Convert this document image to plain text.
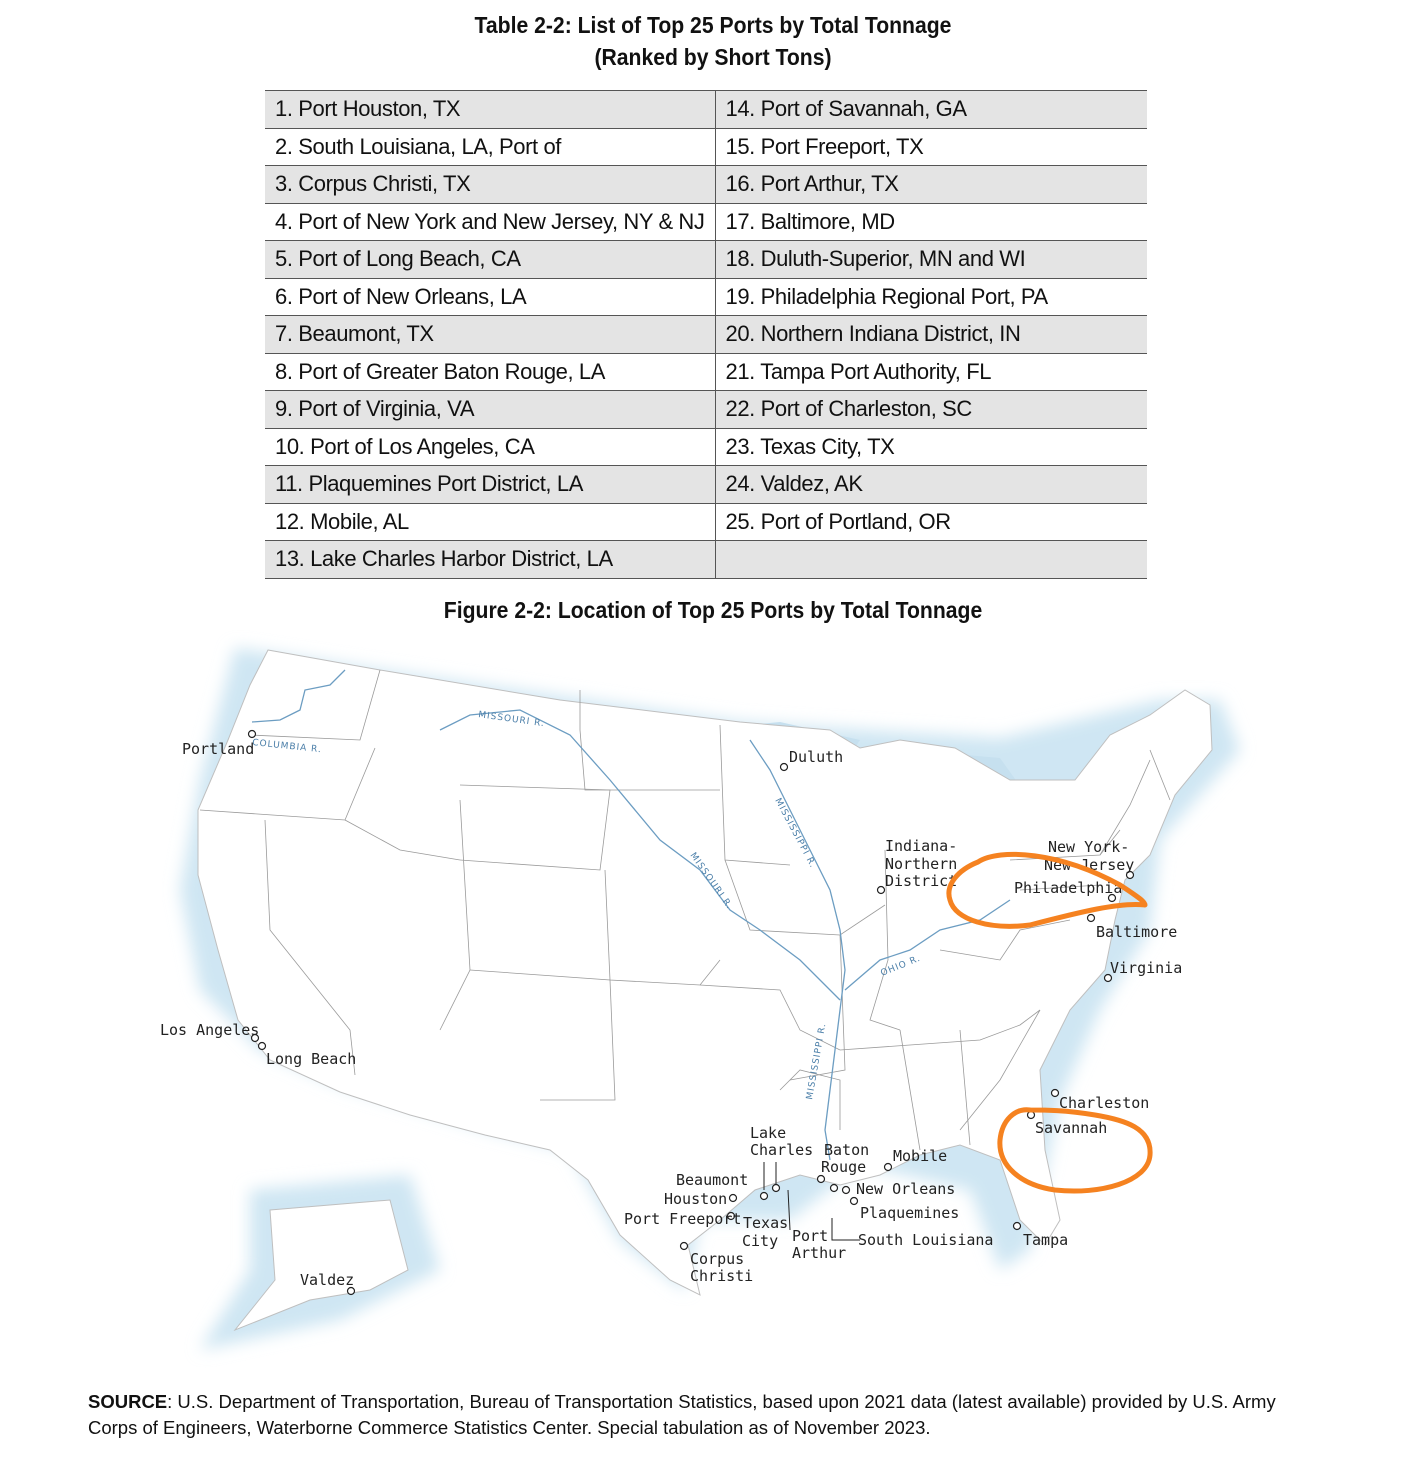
Table 2-2: List of Top 25 Ports by Total Tonnage
(Ranked by Short Tons)
1. Port Houston, TX	14. Port of Savannah, GA
2. South Louisiana, LA, Port of	15. Port Freeport, TX
3. Corpus Christi, TX	16. Port Arthur, TX
4. Port of New York and New Jersey, NY & NJ	17. Baltimore, MD
5. Port of Long Beach, CA	18. Duluth-Superior, MN and WI
6. Port of New Orleans, LA	19. Philadelphia Regional Port, PA
7. Beaumont, TX	20. Northern Indiana District, IN
8. Port of Greater Baton Rouge, LA	21. Tampa Port Authority, FL
9. Port of Virginia, VA	22. Port of Charleston, SC
10. Port of Los Angeles, CA	23. Texas City, TX
11. Plaquemines Port District, LA	24. Valdez, AK
12. Mobile, AL	25. Port of Portland, OR
13. Lake Charles Harbor District, LA	
Figure 2-2: Location of Top 25 Ports by Total Tonnage
MISSOURI R.
COLUMBIA R.
MISSISSIPPI R.
MISSOURI R.
OHIO R.
MISSISSIPPI R.
Portland	Duluth
Indiana-
Northern
District
New York-
New Jersey
Philadelphia
Baltimore
Virginia
Los Angeles
Long Beach
Charleston
Savannah
Lake
Charles Baton
Rouge
Mobile
Beaumont
Houston
New Orleans
Plaquemines
Port Freeport Texas
City Port
Arthur
South Louisiana Tampa
Corpus
Christi
Valdez
SOURCE: U.S. Department of Transportation, Bureau of Transportation Statistics, based upon 2021 data (latest available) provided by U.S. Army Corps of Engineers, Waterborne Commerce Statistics Center. Special tabulation as of November 2023.
